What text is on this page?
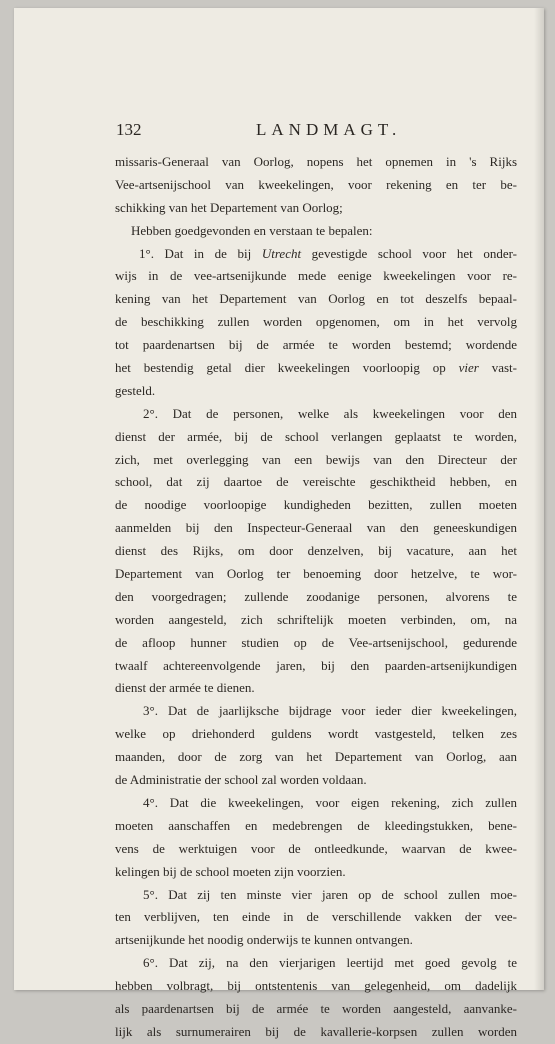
132	LANDMAGT.
missaris-Generaal van Oorlog, nopens het opnemen in 's Rijks
Vee-artsenijschool van kweekelingen, voor rekening en ter be-
schikking van het Departement van Oorlog;
Hebben goedgevonden en verstaan te bepalen:
1°. Dat in de bij Utrecht gevestigde school voor het onder-
wijs in de vee-artsenijkunde mede eenige kweekelingen voor re-
kening van het Departement van Oorlog en tot deszelfs bepaal-
de beschikking zullen worden opgenomen, om in het vervolg
tot paardenartsen bij de armée te worden bestemd; wordende
het bestendig getal dier kweekelingen voorloopig op vier vast-
gesteld.
2°. Dat de personen, welke als kweekelingen voor den
dienst der armée, bij de school verlangen geplaatst te worden,
zich, met overlegging van een bewijs van den Directeur der
school, dat zij daartoe de vereischte geschiktheid hebben, en
de noodige voorloopige kundigheden bezitten, zullen moeten
aanmelden bij den Inspecteur-Generaal van den geneeskundigen
dienst des Rijks, om door denzelven, bij vacature, aan het
Departement van Oorlog ter benoeming door hetzelve, te wor-
den voorgedragen; zullende zoodanige personen, alvorens te
worden aangesteld, zich schriftelijk moeten verbinden, om, na
de afloop hunner studien op de Vee-artsenijschool, gedurende
twaalf achtereenvolgende jaren, bij den paarden-artsenijkundigen
dienst der armée te dienen.
3°. Dat de jaarlijksche bijdrage voor ieder dier kweekelingen,
welke op driehonderd guldens wordt vastgesteld, telken zes
maanden, door de zorg van het Departement van Oorlog, aan
de Administratie der school zal worden voldaan.
4°. Dat die kweekelingen, voor eigen rekening, zich zullen
moeten aanschaffen en medebrengen de kleedingstukken, bene-
vens de werktuigen voor de ontleedkunde, waarvan de kwee-
kelingen bij de school moeten zijn voorzien.
5°. Dat zij ten minste vier jaren op de school zullen moe-
ten verblijven, ten einde in de verschillende vakken der vee-
artsenijkunde het noodig onderwijs te kunnen ontvangen.
6°. Dat zij, na den vierjarigen leertijd met goed gevolg te
hebben volbragt, bij ontstentenis van gelegenheid, om dadelijk
als paardenartsen bij de armée te worden aangesteld, aanvanke-
lijk als surnumerairen bij de kavallerie-korpsen zullen worden
